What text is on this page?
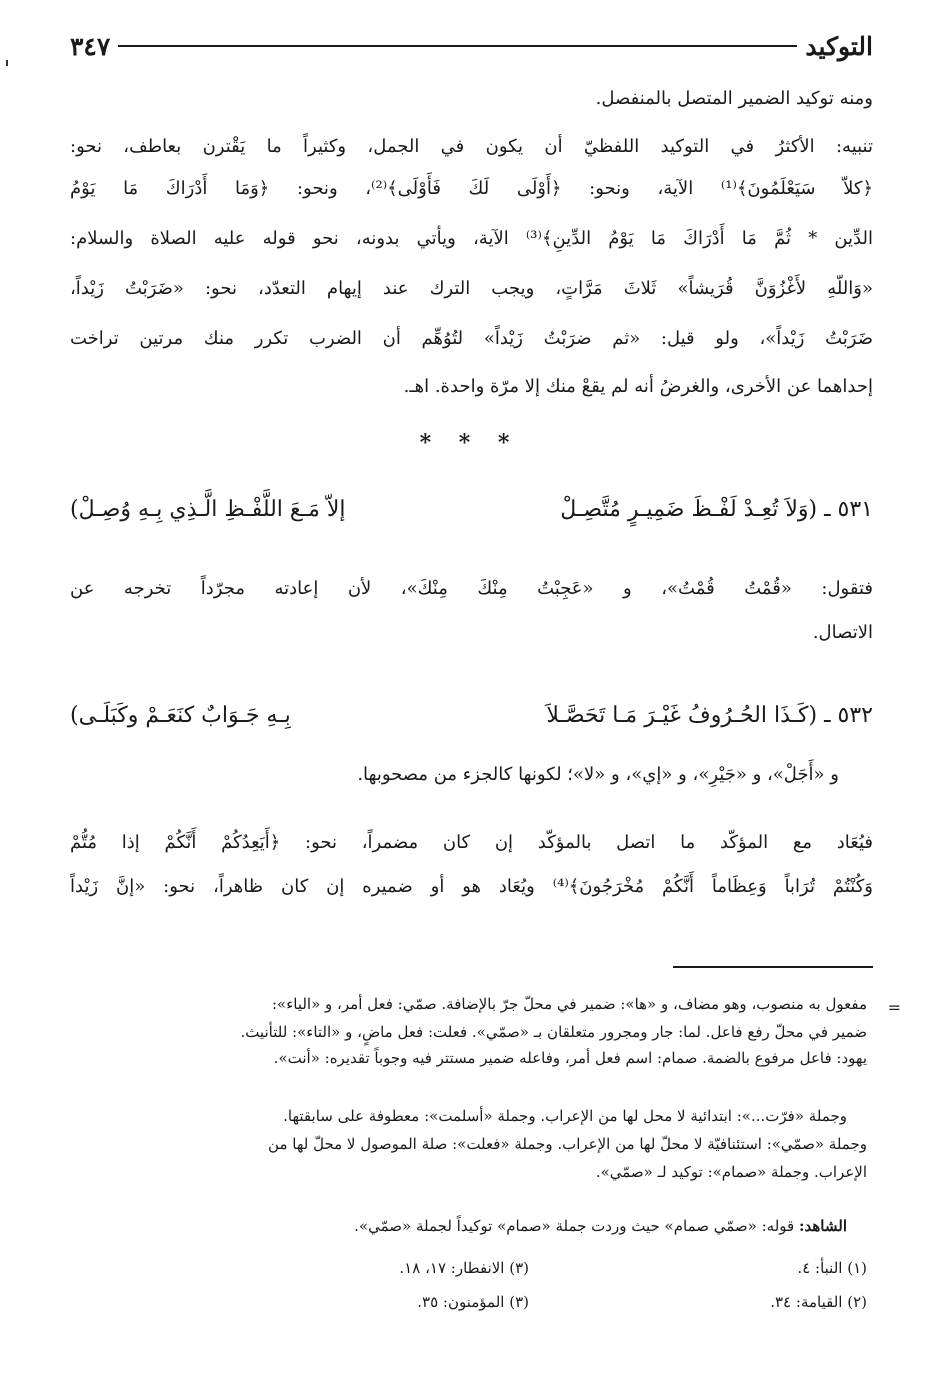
التوكيد
٣٤٧
ومنه توكيد الضمير المتصل بالمنفصل.
تنبيه: الأكثرُ في التوكيد اللفظيّ أن يكون في الجمل، وكثيراً ما يَقْترن بعاطف، نحو:
﴿كلاّ سَيَعْلَمُونَ﴾⁽¹⁾ الآية، ونحو: ﴿أَوْلَى لَكَ فَأَوْلَى﴾⁽²⁾، ونحو: ﴿وَمَا أَدْرَاكَ مَا يَوْمُ
الدِّين * ثُمَّ مَا أَدْرَاكَ مَا يَوْمُ الدِّينِ﴾⁽³⁾ الآية، ويأتي بدونه، نحو قوله عليه الصلاة والسلام:
«وَاللّهِ لأَغْزُوَنَّ قُرَيشاً» ثَلاثَ مَرَّاتٍ، ويجب الترك عند إيهام التعدّد، نحو: «ضَرَبْتُ زَيْداً،
ضَرَبْتُ زَيْداً»، ولو قيل: «ثم ضرَبْتُ زَيْداً» لتُوُهِّم أن الضرب تكرر منك مرتين تراخت
إحداهما عن الأخرى، والغرضُ أنه لم يقعْ منك إلا مرّة واحدة. اهـ.
* * *
٥٣١ ـ (وَلاَ تُعِـدْ لَفْـظَ ضَمِيـرٍ مُتَّصِـلْ
إلاّ مَـعَ اللَّفْـظِ الَّـذِي بِـهِ وُصِـلْ)
فتقول: «قُمْتُ قُمْتُ»، و «عَجِبْتُ مِنْكَ مِنْكَ»، لأن إعادته مجرّداً تخرجه عن
الاتصال.
٥٣٢ ـ (كَـذَا الحُـرُوفُ غَيْـرَ مَـا تَحَصَّـلاَ
بِـهِ جَـوَابٌ كنَعَـمْ وكَبَلَـى)
و «أَجَلْ»، و «جَيْرِ»، و «إي»، و «لا»؛ لكونها كالجزء من مصحوبها.
فيُعَاد مع المؤكّد ما اتصل بالمؤكّد إن كان مضمراً، نحو: ﴿أَيَعِدُكُمْ أَنَّكُمْ إذا مُتُّمْ
وَكُنْتُمْ تُرَاباً وَعِظَاماً أَنَّكُمْ مُخْرَجُونَ﴾⁽⁴⁾ ويُعَاد هو أو ضميره إن كان ظاهراً، نحو: «إنَّ زَيْداً
=
مفعول به منصوب، وهو مضاف، و «ها»: ضمير في محلّ جرّ بالإضافة. صمّي: فعل أمر، و «الياء»:
ضمير في محلّ رفع فاعل. لما: جار ومجرور متعلقان بـ «صمّي». فعلت: فعل ماضٍ، و «التاء»: للتأنيث.
يهود: فاعل مرفوع بالضمة. صمام: اسم فعل أمر، وفاعله ضمير مستتر فيه وجوباً تقديره: «أنت».
وجملة «فرّت...»: ابتدائية لا محل لها من الإعراب. وجملة «أسلمت»: معطوفة على سابقتها.
وجملة «صمّي»: استئنافيّة لا محلّ لها من الإعراب. وجملة «فعلت»: صلة الموصول لا محلّ لها من
الإعراب. وجملة «صمام»: توكيد لـ «صمّي».
الشاهد: قوله: «صمّي صمام» حيث وردت جملة «صمام» توكيداً لجملة «صمّي».
(١) النبأ: ٤.
(٣) الانفطار: ١٧، ١٨.
(٢) القيامة: ٣٤.
(٣) المؤمنون: ٣٥.
